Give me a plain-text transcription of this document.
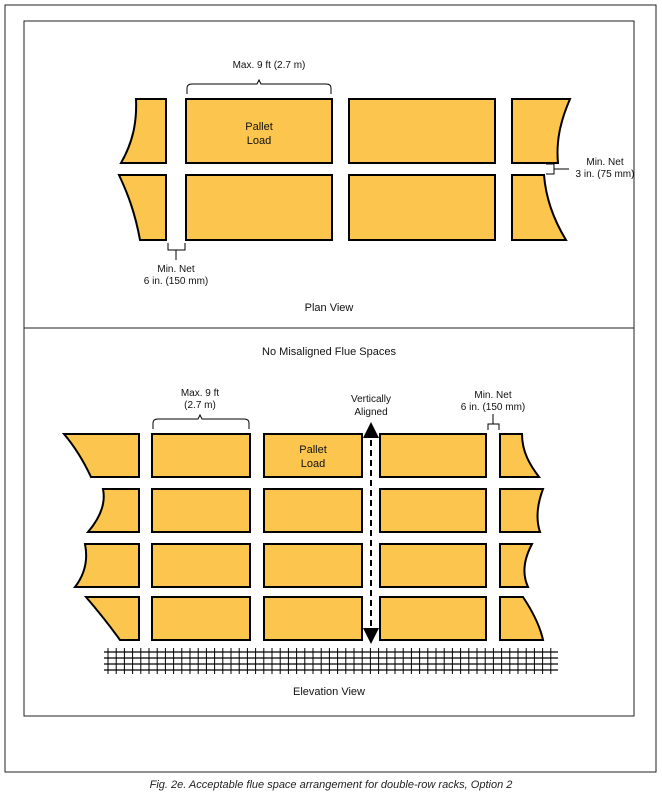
Max. 9 ft (2.7 m)
Pallet
Load
Min. Net
3 in. (75 mm)
Min. Net
6 in. (150 mm)
Plan View
No Misaligned Flue Spaces
Max. 9 ft
(2.7 m)
Vertically
Aligned
Min. Net
6 in. (150 mm)
Pallet
Load
Elevation View
Fig. 2e. Acceptable flue space arrangement for double-row racks, Option 2
